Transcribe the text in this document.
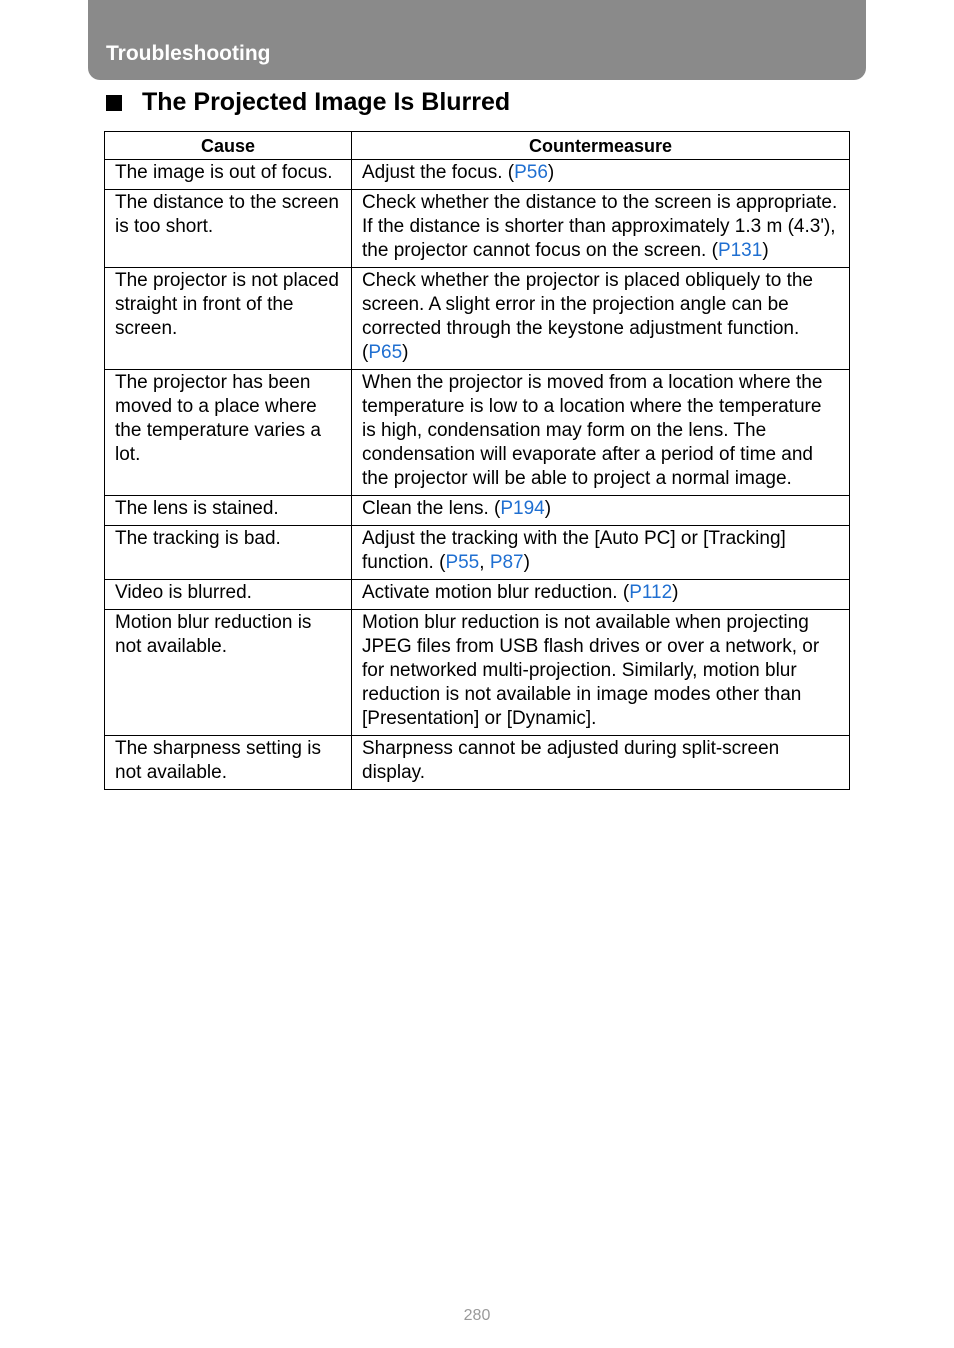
Troubleshooting
The Projected Image Is Blurred
Cause	Countermeasure
The image is out of focus.	Adjust the focus. (P56)
The distance to the screen is too short.	Check whether the distance to the screen is appropriate. If the distance is shorter than approximately 1.3 m (4.3'), the projector cannot focus on the screen. (P131)
The projector is not placed straight in front of the screen.	Check whether the projector is placed obliquely to the screen. A slight error in the projection angle can be corrected through the keystone adjustment function. (P65)
The projector has been moved to a place where the temperature varies a lot.	When the projector is moved from a location where the temperature is low to a location where the temperature is high, condensation may form on the lens. The condensation will evaporate after a period of time and the projector will be able to project a normal image.
The lens is stained.	Clean the lens. (P194)
The tracking is bad.	Adjust the tracking with the [Auto PC] or [Tracking] function. (P55, P87)
Video is blurred.	Activate motion blur reduction. (P112)
Motion blur reduction is not available.	Motion blur reduction is not available when projecting JPEG files from USB flash drives or over a network, or for networked multi-projection. Similarly, motion blur reduction is not available in image modes other than [Presentation] or [Dynamic].
The sharpness setting is not available.	Sharpness cannot be adjusted during split-screen display.
280
